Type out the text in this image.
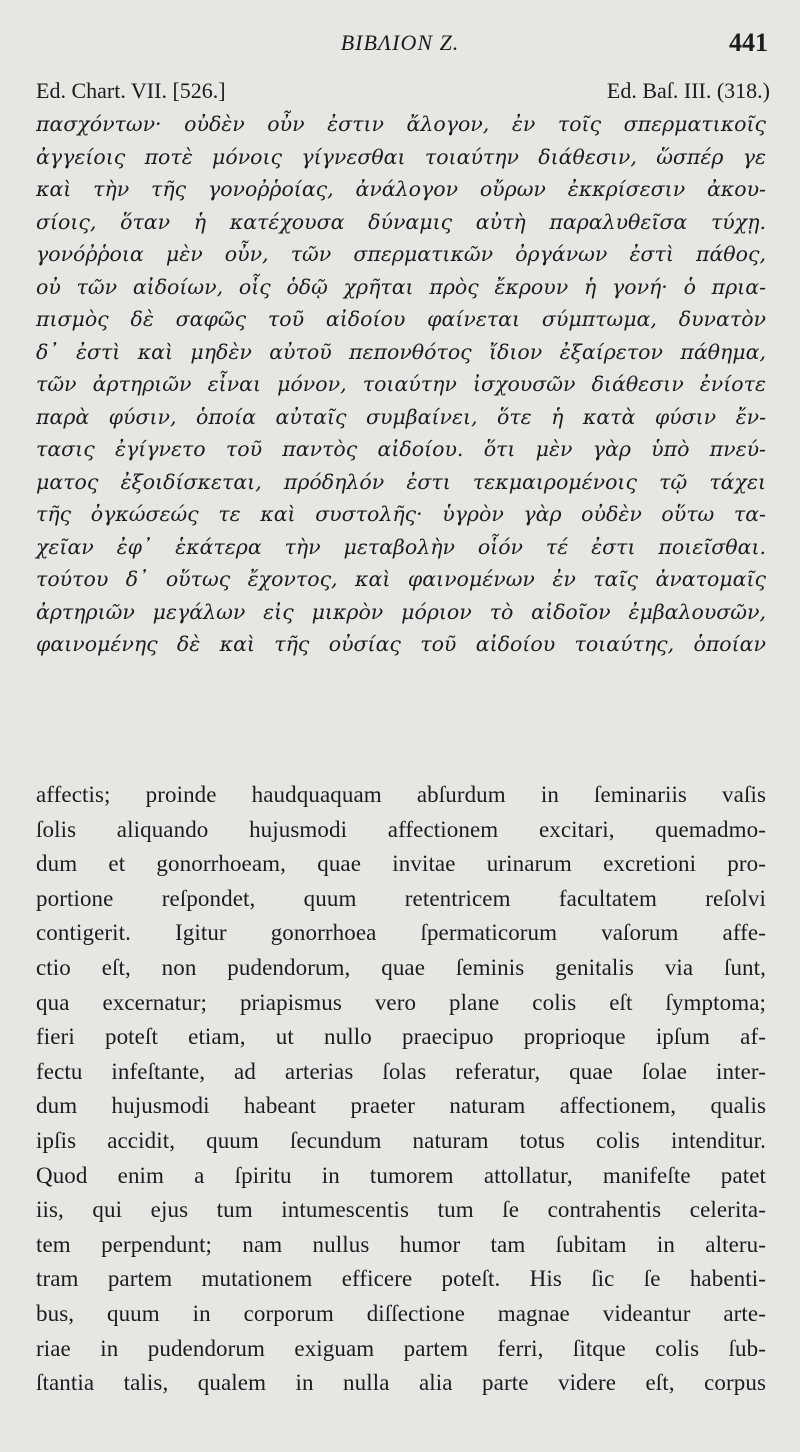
BIBΛIΟΝ Ζ.	441
Ed. Chart. VII. [526.]	Ed. Baſ. III. (318.)
πασχόντων· οὐδὲν οὖν ἐστιν ἄλογον, ἐν τοῖς σπερματικοῖς
ἀγγείοις ποτὲ μόνοις γίγνεσθαι τοιαύτην διάθεσιν, ὥσπέρ γε
καὶ τὴν τῆς γονοῤῥοίας, ἀνάλογον οὔρων ἐκκρίσεσιν ἀκου-
σίοις, ὅταν ἡ κατέχουσα δύναμις αὐτὴ παραλυθεῖσα τύχῃ.
γονόῤῥοια μὲν οὖν, τῶν σπερματικῶν ὀργάνων ἐστὶ πάθος,
οὐ τῶν αἰδοίων, οἷς ὁδῷ χρῆται πρὸς ἔκρουν ἡ γονή· ὁ πρια-
πισμὸς δὲ σαφῶς τοῦ αἰδοίου φαίνεται σύμπτωμα, δυνατὸν
δ᾽ ἐστὶ καὶ μηδὲν αὐτοῦ πεπονθότος ἴδιον ἐξαίρετον πάθημα,
τῶν ἀρτηριῶν εἶναι μόνον, τοιαύτην ἰσχουσῶν διάθεσιν ἐνίοτε
παρὰ φύσιν, ὁποία αὐταῖς συμβαίνει, ὅτε ἡ κατὰ φύσιν ἔν-
τασις ἐγίγνετο τοῦ παντὸς αἰδοίου. ὅτι μὲν γὰρ ὑπὸ πνεύ-
ματος ἐξοιδίσκεται, πρόδηλόν ἐστι τεκμαιρομένοις τῷ τάχει
τῆς ὀγκώσεώς τε καὶ συστολῆς· ὑγρὸν γὰρ οὐδὲν οὕτω τα-
χεῖαν ἐφ᾽ ἑκάτερα τὴν μεταβολὴν οἷόν τέ ἐστι ποιεῖσθαι.
τούτου δ᾽ οὕτως ἔχοντος, καὶ φαινομένων ἐν ταῖς ἀνατομαῖς
ἀρτηριῶν μεγάλων εἰς μικρὸν μόριον τὸ αἰδοῖον ἐμβαλουσῶν,
φαινομένης δὲ καὶ τῆς οὐσίας τοῦ αἰδοίου τοιαύτης, ὁποίαν
affectis; proinde haudquaquam abſurdum in ſeminariis vaſis
ſolis aliquando hujusmodi affectionem excitari, quemadmo-
dum et gonorrhoeam, quae invitae urinarum excretioni pro-
portione reſpondet, quum retentricem facultatem reſolvi
contigerit. Igitur gonorrhoea ſpermaticorum vaſorum affe-
ctio eſt, non pudendorum, quae ſeminis genitalis via ſunt,
qua excernatur; priapismus vero plane colis eſt ſymptoma;
fieri poteſt etiam, ut nullo praecipuo proprioque ipſum af-
fectu infeſtante, ad arterias ſolas referatur, quae ſolae inter-
dum hujusmodi habeant praeter naturam affectionem, qualis
ipſis accidit, quum ſecundum naturam totus colis intenditur.
Quod enim a ſpiritu in tumorem attollatur, manifeſte patet
iis, qui ejus tum intumescentis tum ſe contrahentis celerita-
tem perpendunt; nam nullus humor tam ſubitam in alteru-
tram partem mutationem efficere poteſt. His ſic ſe habenti-
bus, quum in corporum diſſectione magnae videantur arte-
riae in pudendorum exiguam partem ferri, ſitque colis ſub-
ſtantia talis, qualem in nulla alia parte videre eſt, corpus
